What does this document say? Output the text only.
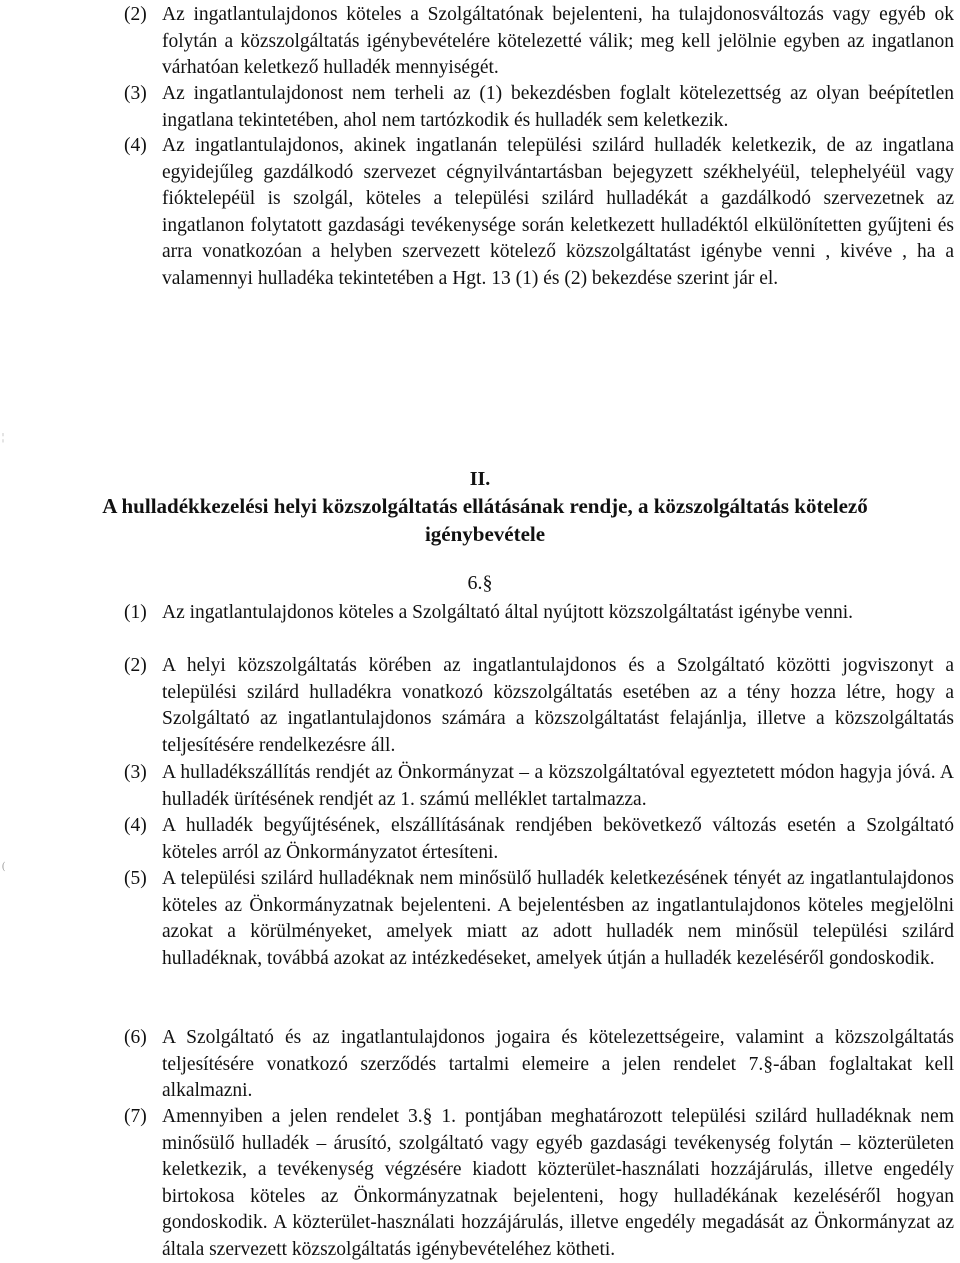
(2) Az ingatlantulajdonos köteles a Szolgáltatónak bejelenteni, ha tulajdonosváltozás vagy egyéb ok folytán a közszolgáltatás igénybevételére kötelezetté válik; meg kell jelölnie egyben az ingatlanon várhatóan keletkező hulladék mennyiségét.
(3) Az ingatlantulajdonost nem terheli az (1) bekezdésben foglalt kötelezettség az olyan beépítetlen ingatlana tekintetében, ahol nem tartózkodik és hulladék sem keletkezik.
(4) Az ingatlantulajdonos, akinek ingatlanán települési szilárd hulladék keletkezik, de az ingatlana egyidejűleg gazdálkodó szervezet cégnyilvántartásban bejegyzett székhelyéül, telephelyéül vagy fióktelepéül is szolgál, köteles a települési szilárd hulladékát a gazdálkodó szervezetnek az ingatlanon folytatott gazdasági tevékenysége során keletkezett hulladéktól elkülönítetten gyűjteni és arra vonatkozóan a helyben szervezett kötelező közszolgáltatást igénybe venni , kivéve , ha a valamennyi hulladéka tekintetében a Hgt. 13 (1) és (2) bekezdése szerint jár el.
¦
II.
A hulladékkezelési helyi közszolgáltatás ellátásának rendje, a közszolgáltatás kötelező igénybevétele
6.§
(1) Az ingatlantulajdonos köteles a Szolgáltató által nyújtott közszolgáltatást igénybe venni.
(2) A helyi közszolgáltatás körében az ingatlantulajdonos és a Szolgáltató közötti jogviszonyt a települési szilárd hulladékra vonatkozó közszolgáltatás esetében az a tény hozza létre, hogy a Szolgáltató az ingatlantulajdonos számára a közszolgáltatást felajánlja, illetve a közszolgáltatás teljesítésére rendelkezésre áll.
(3) A hulladékszállítás rendjét az Önkormányzat – a közszolgáltatóval egyeztetett módon hagyja jóvá. A hulladék ürítésének rendjét az 1. számú melléklet tartalmazza.
(4) A hulladék begyűjtésének, elszállításának rendjében bekövetkező változás esetén a Szolgáltató köteles arról az Önkormányzatot értesíteni.
(
(5) A települési szilárd hulladéknak nem minősülő hulladék keletkezésének tényét az ingatlantulajdonos köteles az Önkormányzatnak bejelenteni. A bejelentésben az ingatlantulajdonos köteles megjelölni azokat a körülményeket, amelyek miatt az adott hulladék nem minősül települési szilárd hulladéknak, továbbá azokat az intézkedéseket, amelyek útján a hulladék kezeléséről gondoskodik.
(6) A Szolgáltató és az ingatlantulajdonos jogaira és kötelezettségeire, valamint a közszolgáltatás teljesítésére vonatkozó szerződés tartalmi elemeire a jelen rendelet 7.§-ában foglaltakat kell alkalmazni.
(7) Amennyiben a jelen rendelet 3.§ 1. pontjában meghatározott települési szilárd hulladéknak nem minősülő hulladék – árusító, szolgáltató vagy egyéb gazdasági tevékenység folytán – közterületen keletkezik, a tevékenység végzésére kiadott közterület-használati hozzájárulás, illetve engedély birtokosa köteles az Önkormányzatnak bejelenteni, hogy hulladékának kezeléséről hogyan gondoskodik. A közterület-használati hozzájárulás, illetve engedély megadását az Önkormányzat az általa szervezett közszolgáltatás igénybevételéhez kötheti.
